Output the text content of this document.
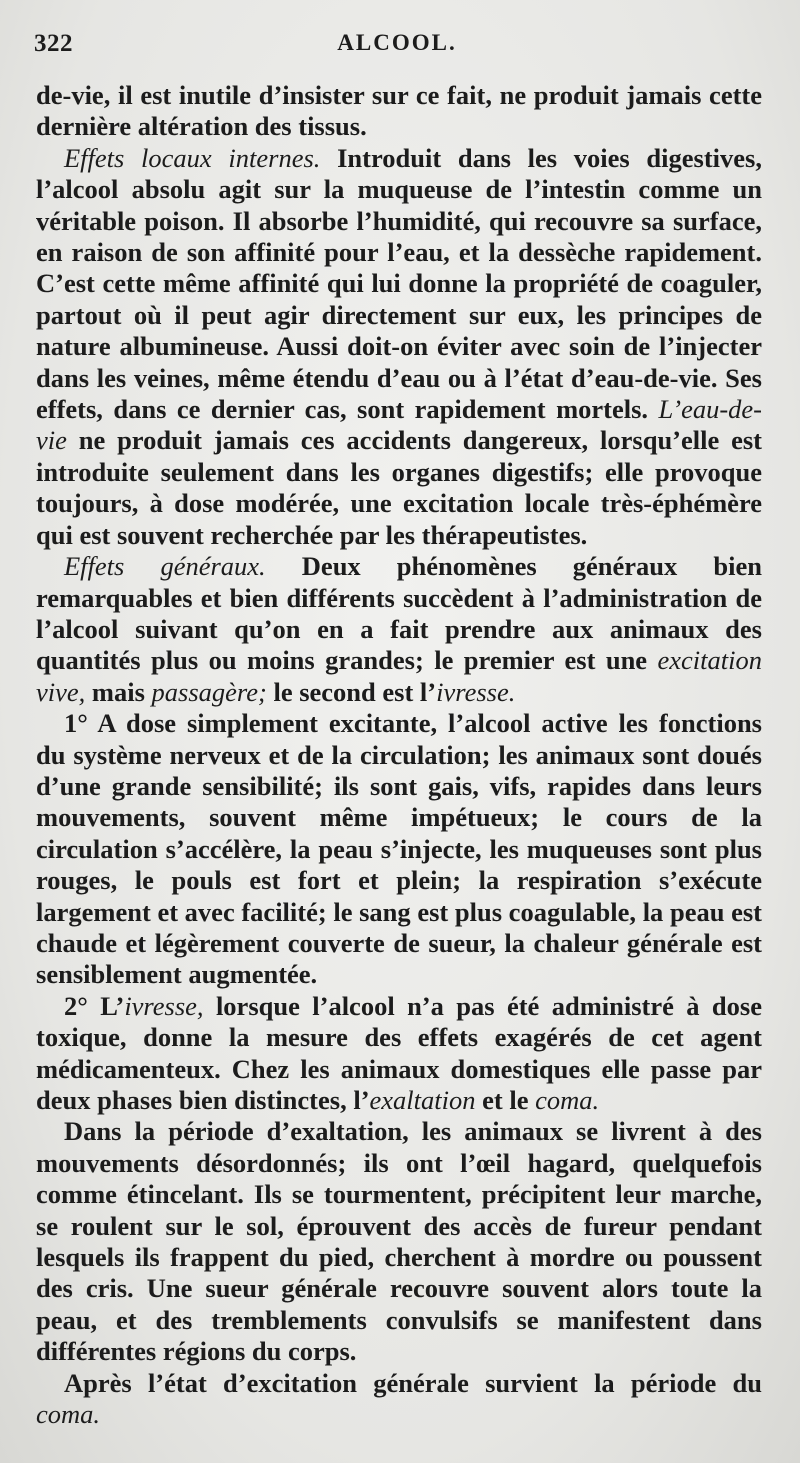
322	ALCOOL.

de-vie, il est inutile d’insister sur ce fait, ne produit jamais cette dernière altération des tissus.

Effets locaux internes. Introduit dans les voies digestives, l’alcool absolu agit sur la muqueuse de l’intestin comme un véritable poison. Il absorbe l’humidité, qui recouvre sa surface, en raison de son affinité pour l’eau, et la dessèche rapidement. C’est cette même affinité qui lui donne la propriété de coaguler, partout où il peut agir directement sur eux, les principes de nature albumineuse. Aussi doit-on éviter avec soin de l’injecter dans les veines, même étendu d’eau ou à l’état d’eau-de-vie. Ses effets, dans ce dernier cas, sont rapidement mortels. L’eau-de-vie ne produit jamais ces accidents dangereux, lorsqu’elle est introduite seulement dans les organes digestifs; elle provoque toujours, à dose modérée, une excitation locale très-éphémère qui est souvent recherchée par les thérapeutistes.

Effets généraux. Deux phénomènes généraux bien remarquables et bien différents succèdent à l’administration de l’alcool suivant qu’on en a fait prendre aux animaux des quantités plus ou moins grandes; le premier est une excitation vive, mais passagère; le second est l’ivresse.

1° A dose simplement excitante, l’alcool active les fonctions du système nerveux et de la circulation; les animaux sont doués d’une grande sensibilité; ils sont gais, vifs, rapides dans leurs mouvements, souvent même impétueux; le cours de la circulation s’accélère, la peau s’injecte, les muqueuses sont plus rouges, le pouls est fort et plein; la respiration s’exécute largement et avec facilité; le sang est plus coagulable, la peau est chaude et légèrement couverte de sueur, la chaleur générale est sensiblement augmentée.

2° L’ivresse, lorsque l’alcool n’a pas été administré à dose toxique, donne la mesure des effets exagérés de cet agent médicamenteux. Chez les animaux domestiques elle passe par deux phases bien distinctes, l’exaltation et le coma.

Dans la période d’exaltation, les animaux se livrent à des mouvements désordonnés; ils ont l’œil hagard, quelquefois comme étincelant. Ils se tourmentent, précipitent leur marche, se roulent sur le sol, éprouvent des accès de fureur pendant lesquels ils frappent du pied, cherchent à mordre ou poussent des cris. Une sueur générale recouvre souvent alors toute la peau, et des tremblements convulsifs se manifestent dans différentes régions du corps.

Après l’état d’excitation générale survient la période du coma.
